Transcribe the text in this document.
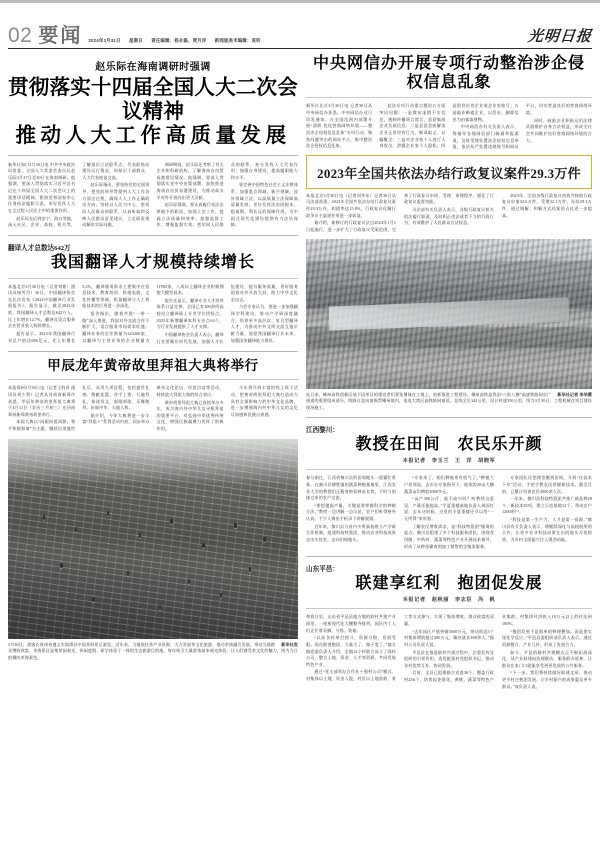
02 要闻 2024年3月31日 星期日 责任编辑：杨永磊、贾月洋 新闻版美术编辑：袁昕	光明日报
赵乐际在海南调研时强调
贯彻落实十四届全国人大二次会议精神
推动人大工作高质量发展

新华社海口3月30日电 中共中央政治局常委、全国人大常委会委员长赵乐际3月27日至30日在海南调研。他强调，要深入贯彻落实习近平总书记在十四届全国人大二次会议上的重要讲话精神，紧扣党和国家中心任务依法履职尽责，更好发挥人大在全过程人民民主中的重要作用。

赵乐际先后到安宁、海口等地，深入社区、企业、高校、机关等，了解基层立法联系点、代表联络站建设运行情况，同基层干部群众、人大代表座谈交流。

赵乐际指出，要坚持党的全面领导，把党的领导贯彻到人大工作各方面全过程，确保人大工作正确政治方向。坚持以人民为中心，密切同人民群众的联系，认真听取和反映人民群众意见建议，立足职责推动解决实际问题。

调研期间，赵乐际还考察了有关企业和科研机构，了解海南自由贸易港建设情况。他强调，要深入贯彻落实党中央决策部署，加快推进海南自由贸易港建设，为推动高水平对外开放作出更大贡献。

赵乐际强调，要认真履行宪法法律赋予的职责，加强立法工作，提高立法质量和效率；加强监督工作，增强监督实效；密切同人民群众的联系，充分发挥人大代表作用；加强自身建设，提高履职能力和水平。

要完善中国特色社会主义法律体系，加强重点领域、新兴领域、涉外领域立法，以高质量立法保障高质量发展。更好发挥法治固根本、稳预期、利长远的保障作用，为中国式现代化建设提供有力法治保障。

翻译人才总数达642万
我国翻译人才规模持续增长

本报北京3月30日电（记者刘彬）通讯员杨雪丹）30日，中国翻译协会在长沙发布《2024中国翻译行业发展报告》。报告显示，截至2023年底，我国翻译人才总数达642万人，比上年增长12.7%，翻译及语言服务企业营业收入持续增长。

报告显示，2023年我国翻译行业总产值达686亿元，比上年增长5.2%。翻译服务需求主要集中在信息技术、教育培训、跨境电商、文化传播等领域，机器翻译与人工智能技术的应用进一步深化。

报告指出，随着共建“一带一路”深入推进，我国对外交流合作不断扩大，语言服务市场需求旺盛。翻译业务的企业数量为423260家，以翻译为主营业务的企业数量为11902家，八成以上翻译企业积极拥抱大模型技术。

报告还显示，翻译专业人才培养体系日益完善，全国已有300余所高校设立翻译硕士专业学位授权点。2023年新增翻译本科专业点64个，为行业发展提供了人才支撑。

中国翻译协会负责人表示，翻译行业要顺应时代发展，加强人才队伍建设，提升服务质量，更好服务国家对外开放大局，助力中华文化走出去。

与会专家认为，要进一步加强翻译学科建设，推动产学研深度融合，培养更多高层次、复合型翻译人才，为推动中外文明交流互鉴贡献力量，展望我国翻译行业未来，加强国家翻译能力建设。

甲辰龙年黄帝故里拜祖大典将举行

本报郑州3月30日电（记者王胜昔 通讯员刘少利）记者从河南省新郑市获悉，甲辰年黄帝故里拜祖大典将于4月11日（农历三月初三）在河南郑州新郑黄帝故里举行。

本届大典以“同根同祖同源，和平和睦和谐”为主题，继续沿用盛世礼乐，采用九项仪程，包括盛世礼炮、敬献花篮、净手上香、行施拜礼、恭读拜文、高唱颂歌、乐舞敬拜、祈福中华、天地人和。

据介绍，今年大典将进一步丰富“拜祖＋”系列活动内容，同步举办黄帝文化论坛、经贸洽谈等活动，持续放大拜祖大典的综合效应。

黄帝故里拜祖大典已连续举办多年，成为海内外中华儿女寻根拜祖的重要平台，对弘扬中华优秀传统文化、增强民族凝聚力发挥了积极作用。

今年将开展丰富的线上线下活动，把黄帝故里拜祖大典打造成为具有全球影响力的中华文化品牌，进一步增强海内外中华儿女的文化认同感和民族自豪感。

新华社发
3月30日，游客在贵州省遵义市湄潭县中国茶海景区游览。近年来，当地依托茶产业资源，大力发展茶文化旅游，推动茶旅融合发展，带动当地群众增收致富。茶海景区是集茶园观光、休闲度假、研学体验于一体的生态旅游目的地，每年吸引大量游客前来观光体验，让人们感受茶文化的魅力，图为当日拍摄的茶海景色。
中央网信办开展专项行动整治涉企侵权信息乱象

新华社北京3月30日电 记者30日从中央网信办获悉，中央网信办近日印发通知，在全国范围内部署开展“清朗·优化营商网络环境——整治涉企侵权信息乱象”专项行动，聚焦问题突出的网站平台，集中整治涉企侵权信息乱象。

此次专项行动重点整治五方面突出问题：一是散布虚假不实信息，炮制传播谣言谎言，恶意集纳企业负面信息；二是恶意歪曲解读企业正常经营行为，断章取义、以偏概全；三是对企业家个人进行人身攻击，泄露企业家个人隐私；四是假冒仿冒企业或企业家账号；五是敲诈勒索企业，以发布、删除信息为由索取财物。

中央网信办有关负责人表示，将指导各地网信部门畅通举报渠道，及时受理处置涉企侵权信息举报，依法从严处置违规账号和网站平台，切实营造良好的营商网络环境。

同时，鼓励企业积极运用法律武器维护自身合法权益，形成全社会共同维护良好营商网络环境的合力。

2023年全国共依法办结行政复议案件29.3万件

本报北京3月30日电（记者刘华东）记者30日从司法部获悉，2023年全国共依法办结行政复议案件29.3万件，纠错率达15.8%，行政复议化解行政争议主渠道作用进一步彰显。

据介绍，新修订的行政复议法自2024年1月1日起施行，进一步扩大了行政复议受案范围，完善了行政复议申请、受理、审理程序，强化了行政复议监督功能。

司法部有关负责人表示，各级行政复议机关依法履行职责，及时纠正违法或者不当的行政行为，有效维护了人民群众合法权益。

2023年，全国各级行政复议机构共接收行政复议申请34.6万件，受理32.1万件，办结29.3万件，通过调解、和解方式结案的占比进一步提高。

新华社记者 李华摄
连日来，郴州高铁西新区地下段项目的建设者们紧张暑战在工地上，抢抓推进工程建设。郴州高铁是我国“八纵八横”高速铁路网京广通道的重要组成部分，线路自北向南纵贯郴州境内，南连大湾区高铁联网南延，北线全长342公里，设计时速350公里。图为3月30日，工程机械在项目建设现场施工。
江西黎川：
教授在田间　农民乐开颜
本报记者 李玉兰　王　洋　胡晓军

春分刚过，江西省黎川县的田间地头一派繁忙景象。在黎川县德胜镇的蔬菜种植基地里，江西农业大学的教授们正俯身察看秧苗长势，不时与围拢过来的农户交流。

“要想提高产量，关键是要掌握科学的种植方法。”教授一边讲解一边示范，农户们听得格外认真，不少人掏出手机录下讲解视频。

近年来，黎川县与省内多所高校建立产学研合作机制，组建科技特派团，推动农业科技成果走出实验室、走向田间地头。

“专家来了，咱们种地更有底气了。”种植大户老周说，去年在专家指导下，他家的20亩大棚蔬菜亩均增收3000多元。

“亩产300公斤，能不高兴吗？听教授这意见，产量还能提高。”半夏重楼基地负责人周国红说，去年这时候，这里的半夏重楼还可以用“一无所得”来形容。

了解农民增收需求，是“科技特派团”服务的起点。黎川县组建了多个科技服务团队，围绕食用菌、中药材、蔬菜等特色产业开展技术指导，形成了从种苗繁育到加工销售的全链条服务。

专家团队还把课堂搬到田间，开展“送技术下乡”活动，手把手教农民掌握新技术。截至目前，已累计培训农民3000余人次。

一年来，黎川县科技特派团共推广新品种28个、新技术35项，建立示范基地12个，带动农户1200余户。

“科技是第一生产力，人才是第一资源。”黎川县有关负责人表示，将继续深化与高校院所的合作，让更多农业科技成果在田间地头开花结果，为乡村全面振兴注入强劲动能。

山东平邑：
联建享红利　抱团促发展
本报记者 赵秋丽　李志臣　冯　帆

和春日里，山东省平邑县地方镇的联村共建产业园里，一座座现代化大棚整齐排列，园区内工人们正忙着采摘、分拣、装箱。

“以前各村单打独斗，资源分散，发展受限。现在联建抱团，力量大了，路子宽了。”地方镇党委负责人介绍，全镇12个村联合成立了强村公司，整合土地、资金、人才等资源，共同发展特色产业。

通过“党支部领办合作社＋强村公司”模式，村集体以土地、资金入股，村民以土地流转、务工等方式参与，实现了集体增收、群众致富的双赢。

“去年园区产值突破3000万元，带动周边5个村集体增收超过200万元，解决就业400余人。”强村公司负责人说。

平邑县在推进联村共建过程中，注重发挥党组织的引领作用，选优配强村党组织书记，推动各村优势互补、协同发展。

目前，全县已组建联合党委38个，覆盖行政村256个，培育起金银花、黄桃、蔬菜等特色产业集群，村集体经济收入10万元以上的村达到100%。

“抱团发展不是简单的物理叠加，而是要实现化学反应。”平邑县委组织部负责人表示，通过资源整合、产业互补，形成了发展合力。

如今，平邑的联村共建模式正不断拓展深化，从产业联建向治理联动、服务联办延伸，让群众在家门口就能享受到更优质的公共服务。

“下一步，我们将持续做好联建文章，推动更多村庄抱团发展，让乡村振兴的成果惠及更多群众。”该负责人说。
